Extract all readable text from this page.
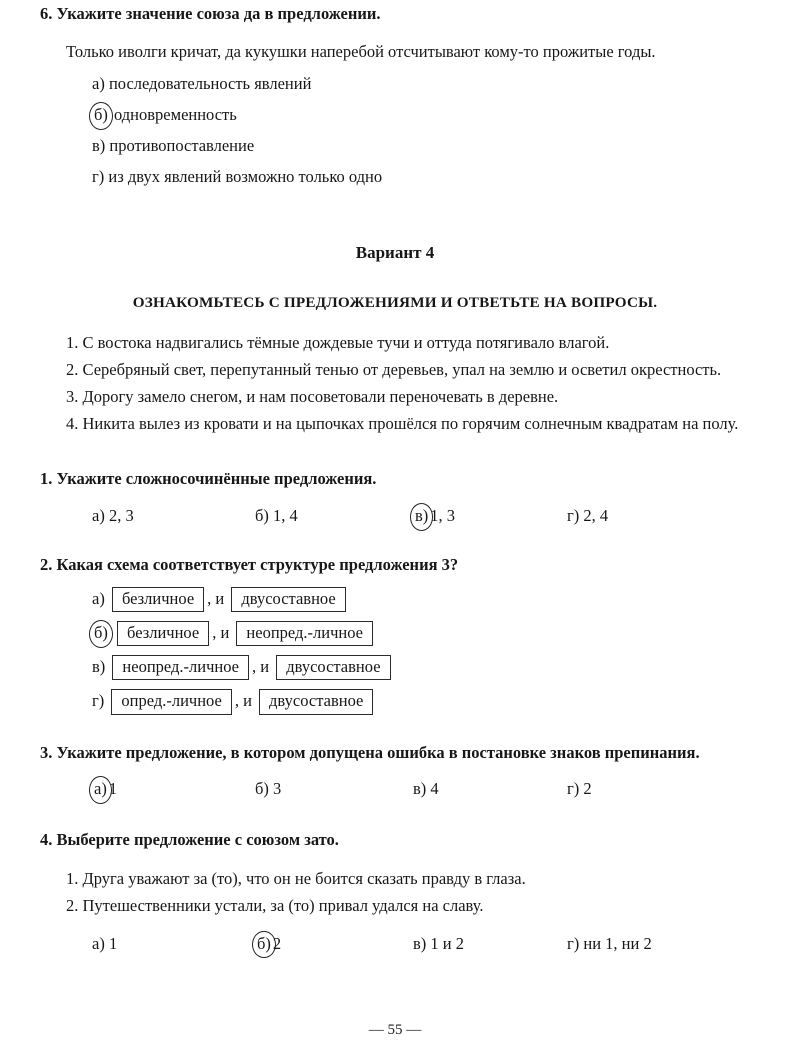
6. Укажите значение союза да в предложении.

Только иволги кричат, да кукушки наперебой отсчитывают кому-то прожитые годы.

а) последовательность явлений

б) одновременность

в) противопоставление

г) из двух явлений возможно только одно

Вариант 4

ОЗНАКОМЬТЕСЬ С ПРЕДЛОЖЕНИЯМИ И ОТВЕТЬТЕ НА ВОПРОСЫ.

1. С востока надвигались тёмные дождевые тучи и оттуда потягивало влагой.

2. Серебряный свет, перепутанный тенью от деревьев, упал на землю и осветил окрестность.

3. Дорогу замело снегом, и нам посоветовали переночевать в деревне.

4. Никита вылез из кровати и на цыпочках прошёлся по горячим солнечным квадратам на полу.

1. Укажите сложносочинённые предложения.

а) 2, 3	б) 1, 4	в) 1, 3	г) 2, 4

2. Какая схема соответствует структуре предложения 3?

а) безличное , и двусоставное

б) безличное , и неопред.-личное

в) неопред.-личное , и двусоставное

г) опред.-личное , и двусоставное

3. Укажите предложение, в котором допущена ошибка в постановке знаков препинания.

а) 1	б) 3	в) 4	г) 2

4. Выберите предложение с союзом зато.

1. Друга уважают за (то), что он не боится сказать правду в глаза.

2. Путешественники устали, за (то) привал удался на славу.

а) 1	б) 2	в) 1 и 2	г) ни 1, ни 2

— 55 —
